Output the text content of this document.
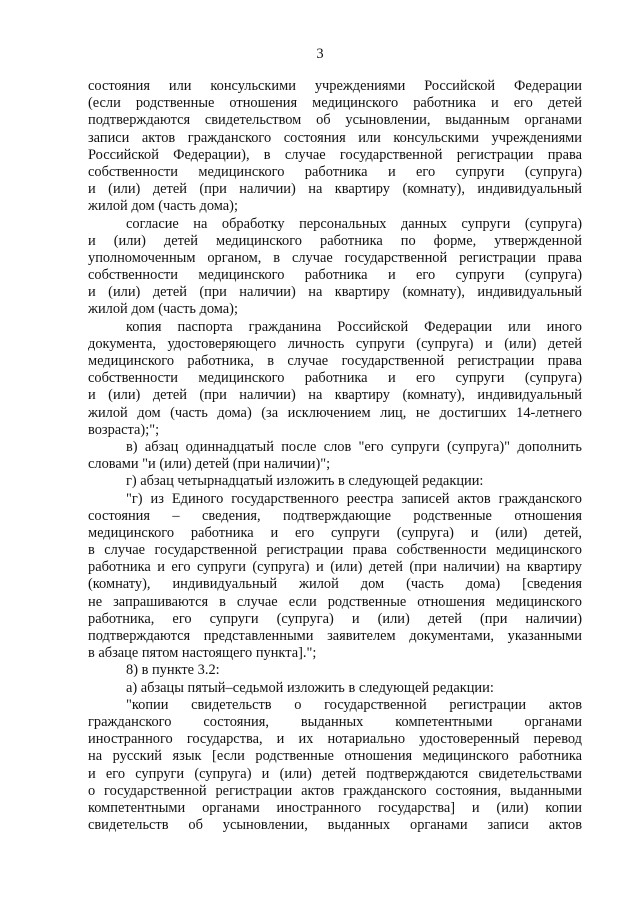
3
состояния или консульскими учреждениями Российской Федерации
(если родственные отношения медицинского работника и его детей
подтверждаются свидетельством об усыновлении, выданным органами
записи актов гражданского состояния или консульскими учреждениями
Российской Федерации), в случае государственной регистрации права
собственности медицинского работника и его супруги (супруга)
и (или) детей (при наличии) на квартиру (комнату), индивидуальный
жилой дом (часть дома);
согласие на обработку персональных данных супруги (супруга)
и (или) детей медицинского работника по форме, утвержденной
уполномоченным органом, в случае государственной регистрации права
собственности медицинского работника и его супруги (супруга)
и (или) детей (при наличии) на квартиру (комнату), индивидуальный
жилой дом (часть дома);
копия паспорта гражданина Российской Федерации или иного
документа, удостоверяющего личность супруги (супруга) и (или) детей
медицинского работника, в случае государственной регистрации права
собственности медицинского работника и его супруги (супруга)
и (или) детей (при наличии) на квартиру (комнату), индивидуальный
жилой дом (часть дома) (за исключением лиц, не достигших 14-летнего
возраста);";
в) абзац одиннадцатый после слов "его супруги (супруга)" дополнить
словами "и (или) детей (при наличии)";
г) абзац четырнадцатый изложить в следующей редакции:
"г) из Единого государственного реестра записей актов гражданского
состояния – сведения, подтверждающие родственные отношения
медицинского работника и его супруги (супруга) и (или) детей,
в случае государственной регистрации права собственности медицинского
работника и его супруги (супруга) и (или) детей (при наличии) на квартиру
(комнату), индивидуальный жилой дом (часть дома) [сведения
не запрашиваются в случае если родственные отношения медицинского
работника, его супруги (супруга) и (или) детей (при наличии)
подтверждаются представленными заявителем документами, указанными
в абзаце пятом настоящего пункта].";
8) в пункте 3.2:
а) абзацы пятый–седьмой изложить в следующей редакции:
"копии свидетельств о государственной регистрации актов
гражданского состояния, выданных компетентными органами
иностранного государства, и их нотариально удостоверенный перевод
на русский язык [если родственные отношения медицинского работника
и его супруги (супруга) и (или) детей подтверждаются свидетельствами
о государственной регистрации актов гражданского состояния, выданными
компетентными органами иностранного государства] и (или) копии
свидетельств об усыновлении, выданных органами записи актов
